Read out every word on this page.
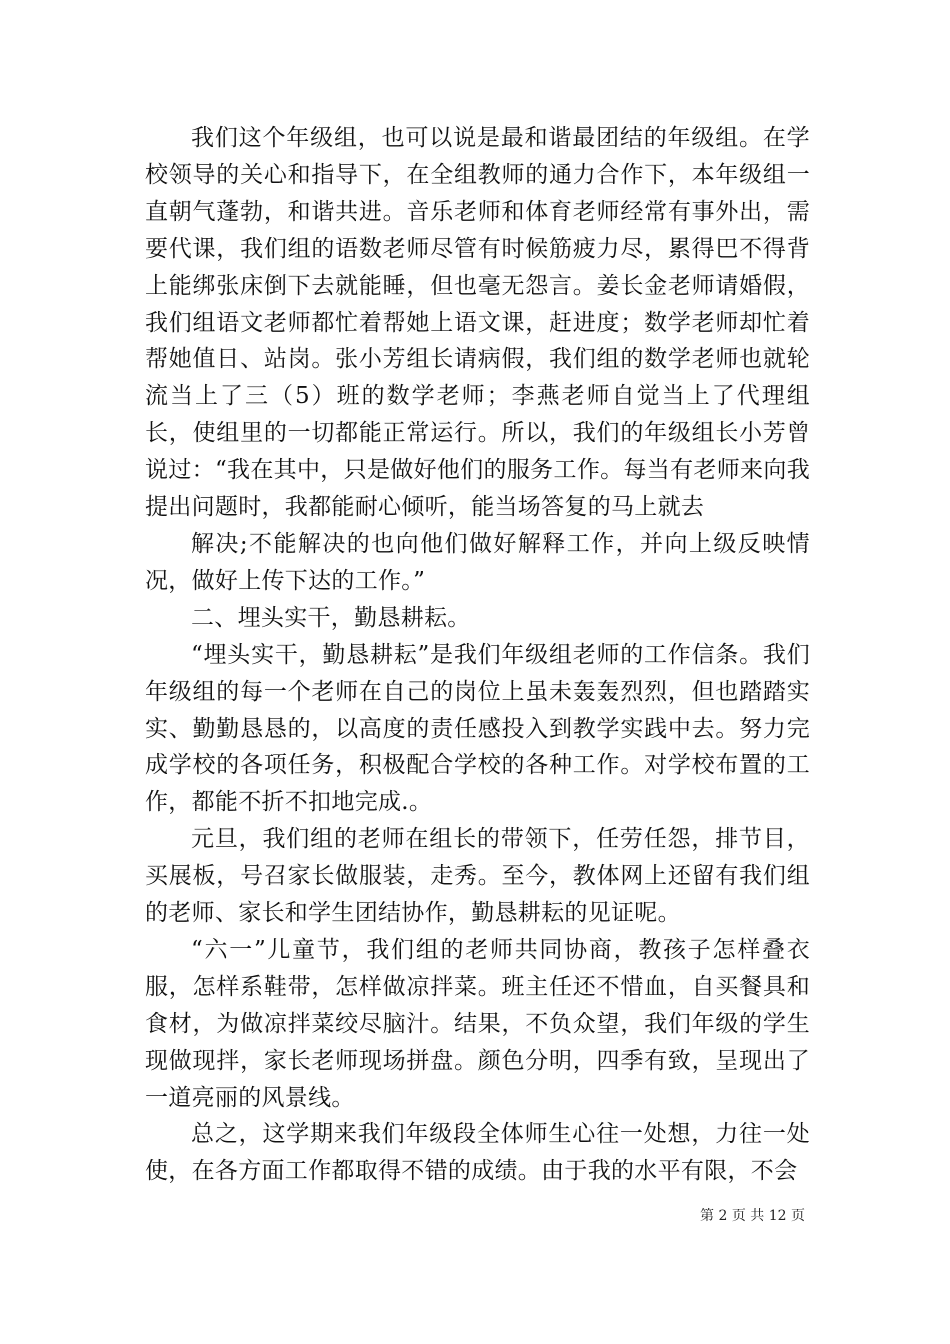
我们这个年级组，也可以说是最和谐最团结的年级组。在学校领导的关心和指导下，在全组教师的通力合作下，本年级组一直朝气蓬勃，和谐共进。音乐老师和体育老师经常有事外出，需要代课，我们组的语数老师尽管有时候筋疲力尽，累得巴不得背上能绑张床倒下去就能睡，但也毫无怨言。姜长金老师请婚假，我们组语文老师都忙着帮她上语文课，赶进度；数学老师却忙着帮她值日、站岗。张小芳组长请病假，我们组的数学老师也就轮流当上了三（5）班的数学老师；李燕老师自觉当上了代理组长，使组里的一切都能正常运行。所以，我们的年级组长小芳曾说过：“我在其中，只是做好他们的服务工作。每当有老师来向我提出问题时，我都能耐心倾听，能当场答复的马上就去

解决;不能解决的也向他们做好解释工作，并向上级反映情况，做好上传下达的工作。”

二、埋头实干，勤恳耕耘。

“埋头实干，勤恳耕耘”是我们年级组老师的工作信条。我们年级组的每一个老师在自己的岗位上虽未轰轰烈烈，但也踏踏实实、勤勤恳恳的，以高度的责任感投入到教学实践中去。努力完成学校的各项任务，积极配合学校的各种工作。对学校布置的工作，都能不折不扣地完成.。

元旦，我们组的老师在组长的带领下，任劳任怨，排节目，买展板，号召家长做服装，走秀。至今，教体网上还留有我们组的老师、家长和学生团结协作，勤恳耕耘的见证呢。

“六一”儿童节，我们组的老师共同协商，教孩子怎样叠衣服，怎样系鞋带，怎样做凉拌菜。班主任还不惜血，自买餐具和食材，为做凉拌菜绞尽脑汁。结果，不负众望，我们年级的学生现做现拌，家长老师现场拼盘。颜色分明，四季有致，呈现出了一道亮丽的风景线。

总之，这学期来我们年级段全体师生心往一处想，力往一处使，在各方面工作都取得不错的成绩。由于我的水平有限，不会

第 2 页 共 12 页
